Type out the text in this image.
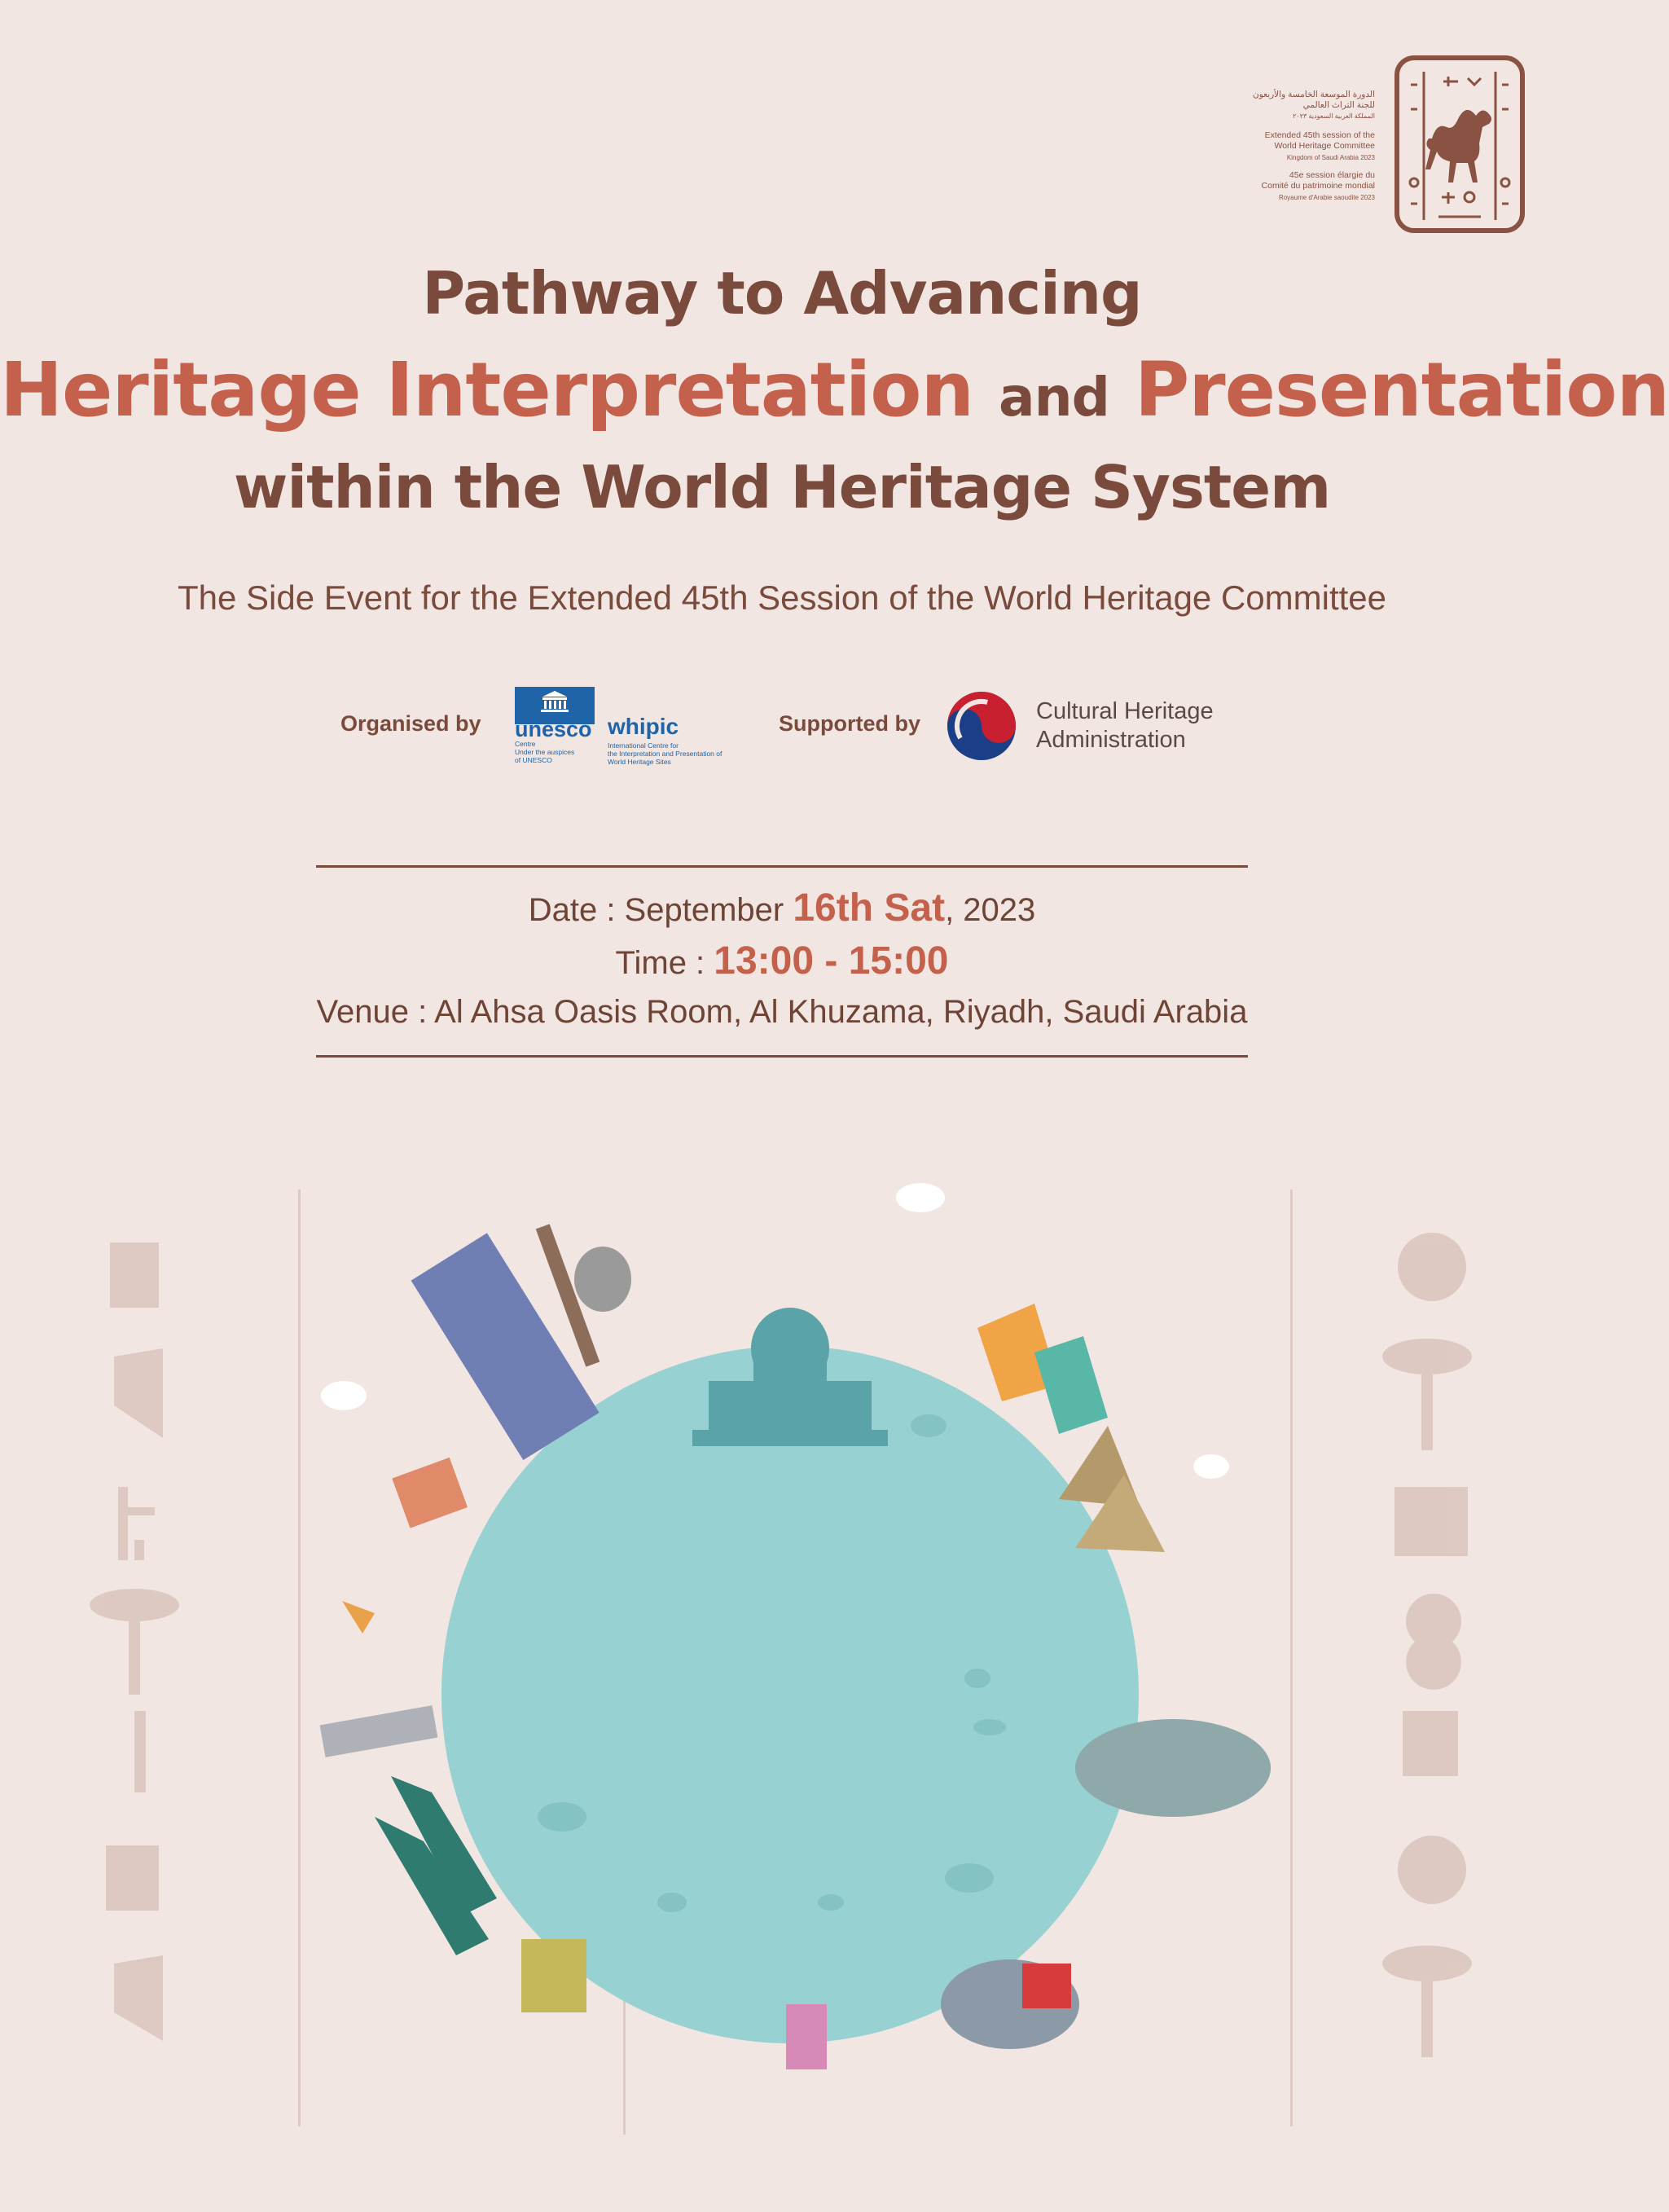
الدورة الموسعة الخامسة والأربعون
للجنة التراث العالمي
المملكة العربية السعودية ٢٠٢٣
Extended 45th session of the
World Heritage Committee
Kingdom of Saudi Arabia 2023
45e session élargie du
Comité du patrimoine mondial
Royaume d'Arabie saoudite 2023
Pathway to Advancing
Heritage Interpretation and Presentation
within the World Heritage System
The Side Event for the Extended 45th Session of the World Heritage Committee
Organised by unesco
Centre
Under the auspices
of UNESCO
whipic
International Centre for
the Interpretation and Presentation of
World Heritage Sites
Supported by	Cultural Heritage
Administration
Date : September 16th Sat, 2023
Time : 13:00 - 15:00
Venue : Al Ahsa Oasis Room, Al Khuzama, Riyadh, Saudi Arabia
